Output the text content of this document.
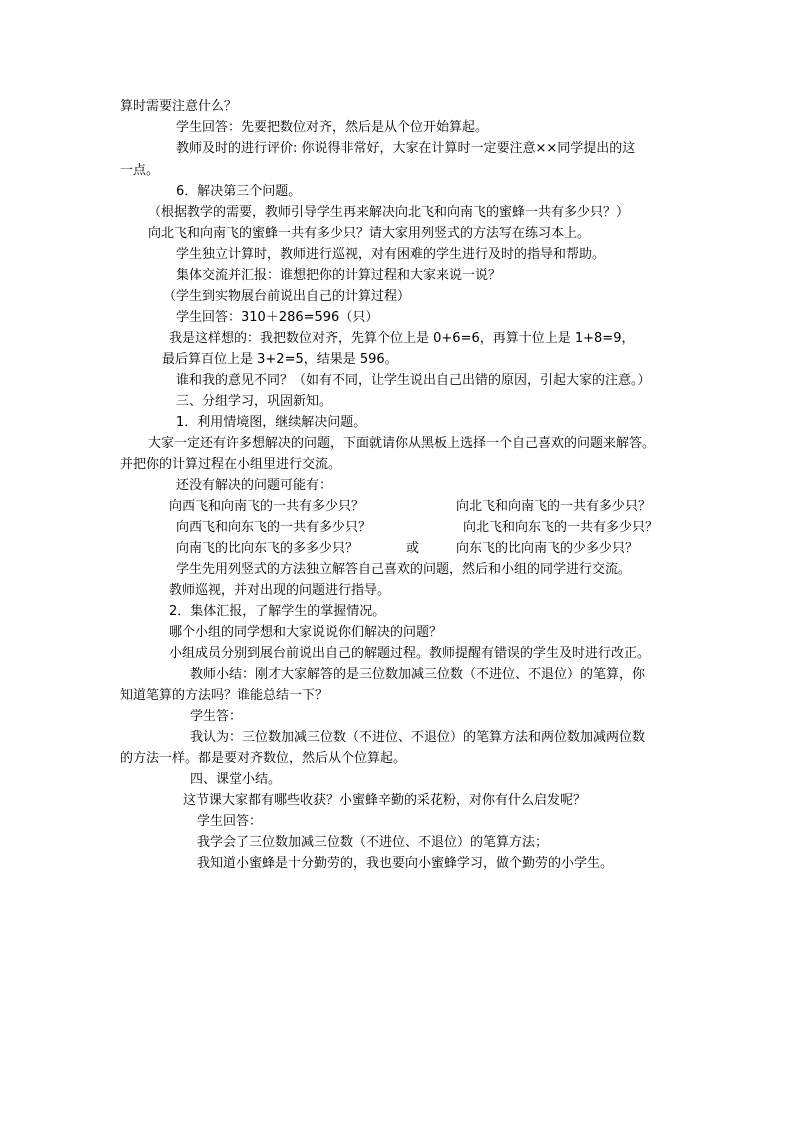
算时需要注意什么？
学生回答：先要把数位对齐，然后是从个位开始算起。
教师及时的进行评价: 你说得非常好，大家在计算时一定要注意××同学提出的这
一点。
6．解决第三个问题。
（根据教学的需要，教师引导学生再来解决向北飞和向南飞的蜜蜂一共有多少只？）
向北飞和向南飞的蜜蜂一共有多少只？请大家用列竖式的方法写在练习本上。
学生独立计算时，教师进行巡视，对有困难的学生进行及时的指导和帮助。
集体交流并汇报：谁想把你的计算过程和大家来说一说？
（学生到实物展台前说出自己的计算过程）
学生回答：310＋286=596（只）
我是这样想的：我把数位对齐，先算个位上是 0+6=6，再算十位上是 1+8=9，
最后算百位上是 3+2=5，结果是 596。
谁和我的意见不同？（如有不同，让学生说出自己出错的原因，引起大家的注意。）
三、分组学习，巩固新知。
1．利用情境图，继续解决问题。
大家一定还有许多想解决的问题，下面就请你从黑板上选择一个自己喜欢的问题来解答。
并把你的计算过程在小组里进行交流。
还没有解决的问题可能有：
向西飞和向南飞的一共有多少只？	向北飞和向南飞的一共有多少只？
向西飞和向东飞的一共有多少只？	向北飞和向东飞的一共有多少只？
向南飞的比向东飞的多多少只？	或	向东飞的比向南飞的少多少只？
学生先用列竖式的方法独立解答自己喜欢的问题，然后和小组的同学进行交流。
教师巡视，并对出现的问题进行指导。
2．集体汇报，了解学生的掌握情况。
哪个小组的同学想和大家说说你们解决的问题？
小组成员分别到展台前说出自己的解题过程。教师提醒有错误的学生及时进行改正。
教师小结：刚才大家解答的是三位数加减三位数（不进位、不退位）的笔算，你
知道笔算的方法吗？谁能总结一下？
学生答：
我认为：三位数加减三位数（不进位、不退位）的笔算方法和两位数加减两位数
的方法一样。都是要对齐数位，然后从个位算起。
四、课堂小结。
这节课大家都有哪些收获？小蜜蜂辛勤的采花粉，对你有什么启发呢？
学生回答：
我学会了三位数加减三位数（不进位、不退位）的笔算方法；
我知道小蜜蜂是十分勤劳的，我也要向小蜜蜂学习，做个勤劳的小学生。
